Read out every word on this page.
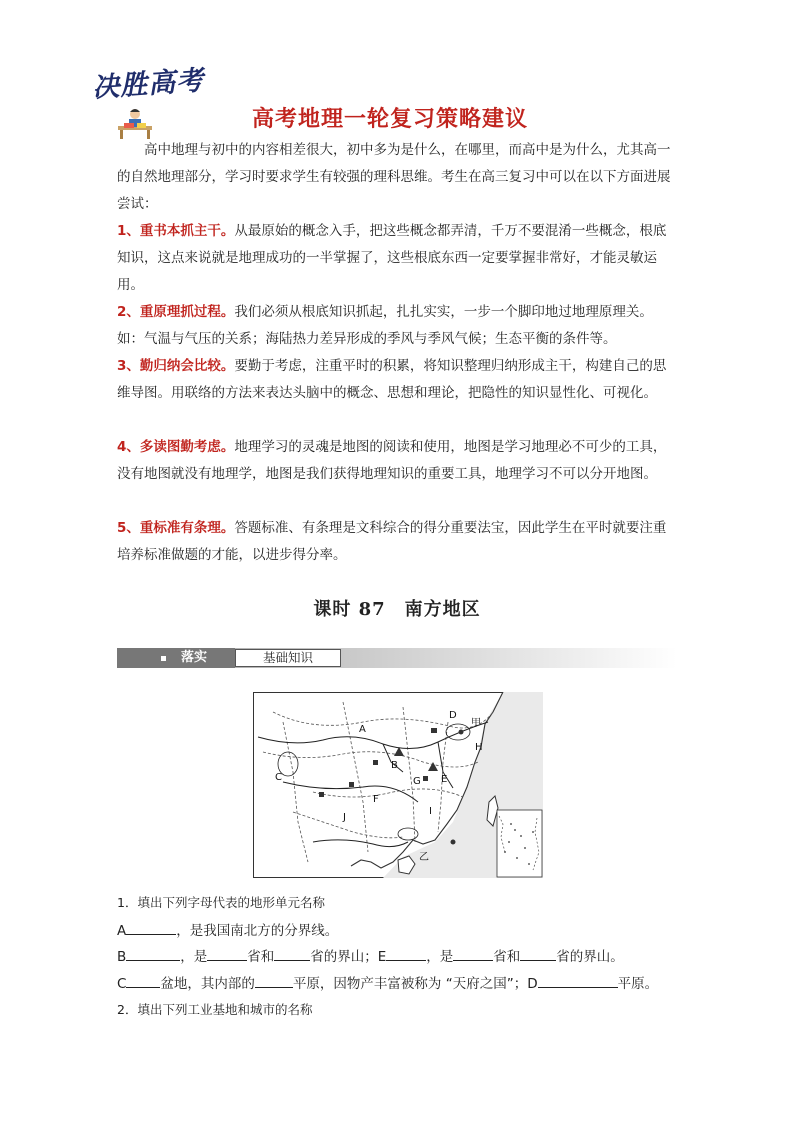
决胜高考
高考地理一轮复习策略建议
高中地理与初中的内容相差很大，初中多为是什么，在哪里，而高中是为什么，尤其高一的自然地理部分，学习时要求学生有较强的理科思维。考生在高三复习中可以在以下方面进展尝试：
1、重书本抓主干。从最原始的概念入手，把这些概念都弄清，千万不要混淆一些概念，根底知识，这点来说就是地理成功的一半掌握了，这些根底东西一定要掌握非常好，才能灵敏运用。
2、重原理抓过程。我们必须从根底知识抓起，扎扎实实，一步一个脚印地过地理原理关。如：气温与气压的关系；海陆热力差异形成的季风与季风气候；生态平衡的条件等。
3、勤归纳会比较。要勤于考虑，注重平时的积累，将知识整理归纳形成主干，构建自己的思维导图。用联络的方法来表达头脑中的概念、思想和理论，把隐性的知识显性化、可视化。
4、多读图勤考虑。地理学习的灵魂是地图的阅读和使用，地图是学习地理必不可少的工具，没有地图就没有地理学，地图是我们获得地理知识的重要工具，地理学习不可以分开地图。
5、重标准有条理。答题标准、有条理是文科综合的得分重要法宝，因此学生在平时就要注重培养标准做题的才能，以进步得分率。
课时 87　南方地区
落实	基础知识
甲
乙
A
B
C
D
E
F
G
H
I
J
1．填出下列字母代表的地形单元名称
A	，是我国南北方的分界线。
B	，是	省和	省的界山；E	，是	省和	省的界山。
C	盆地，其内部的	平原，因物产丰富被称为 “天府之国”；D	平原。
2．填出下列工业基地和城市的名称
